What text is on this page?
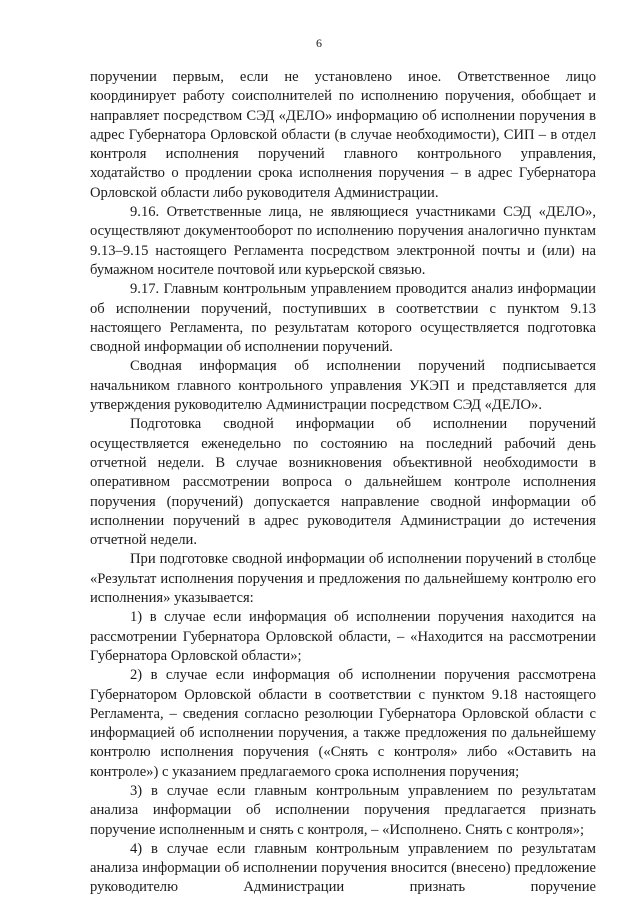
6

поручении первым, если не установлено иное. Ответственное лицо координирует работу соисполнителей по исполнению поручения, обобщает и направляет посредством СЭД «ДЕЛО» информацию об исполнении поручения в адрес Губернатора Орловской области (в случае необходимости), СИП – в отдел контроля исполнения поручений главного контрольного управления, ходатайство о продлении срока исполнения поручения – в адрес Губернатора Орловской области либо руководителя Администрации.

9.16. Ответственные лица, не являющиеся участниками СЭД «ДЕЛО», осуществляют документооборот по исполнению поручения аналогично пунктам 9.13–9.15 настоящего Регламента посредством электронной почты и (или) на бумажном носителе почтовой или курьерской связью.

9.17. Главным контрольным управлением проводится анализ информации об исполнении поручений, поступивших в соответствии с пунктом 9.13 настоящего Регламента, по результатам которого осуществляется подготовка сводной информации об исполнении поручений.

Сводная информация об исполнении поручений подписывается начальником главного контрольного управления УКЭП и представляется для утверждения руководителю Администрации посредством СЭД «ДЕЛО».

Подготовка сводной информации об исполнении поручений осуществляется еженедельно по состоянию на последний рабочий день отчетной недели. В случае возникновения объективной необходимости в оперативном рассмотрении вопроса о дальнейшем контроле исполнения поручения (поручений) допускается направление сводной информации об исполнении поручений в адрес руководителя Администрации до истечения отчетной недели.

При подготовке сводной информации об исполнении поручений в столбце «Результат исполнения поручения и предложения по дальнейшему контролю его исполнения» указывается:

1) в случае если информация об исполнении поручения находится на рассмотрении Губернатора Орловской области, – «Находится на рассмотрении Губернатора Орловской области»;

2) в случае если информация об исполнении поручения рассмотрена Губернатором Орловской области в соответствии с пунктом 9.18 настоящего Регламента, – сведения согласно резолюции Губернатора Орловской области с информацией об исполнении поручения, а также предложения по дальнейшему контролю исполнения поручения («Снять с контроля» либо «Оставить на контроле») с указанием предлагаемого срока исполнения поручения;

3) в случае если главным контрольным управлением по результатам анализа информации об исполнении поручения предлагается признать поручение исполненным и снять с контроля, – «Исполнено. Снять с контроля»;

4) в случае если главным контрольным управлением по результатам анализа информации об исполнении поручения вносится (внесено) предложение руководителю Администрации признать поручение
